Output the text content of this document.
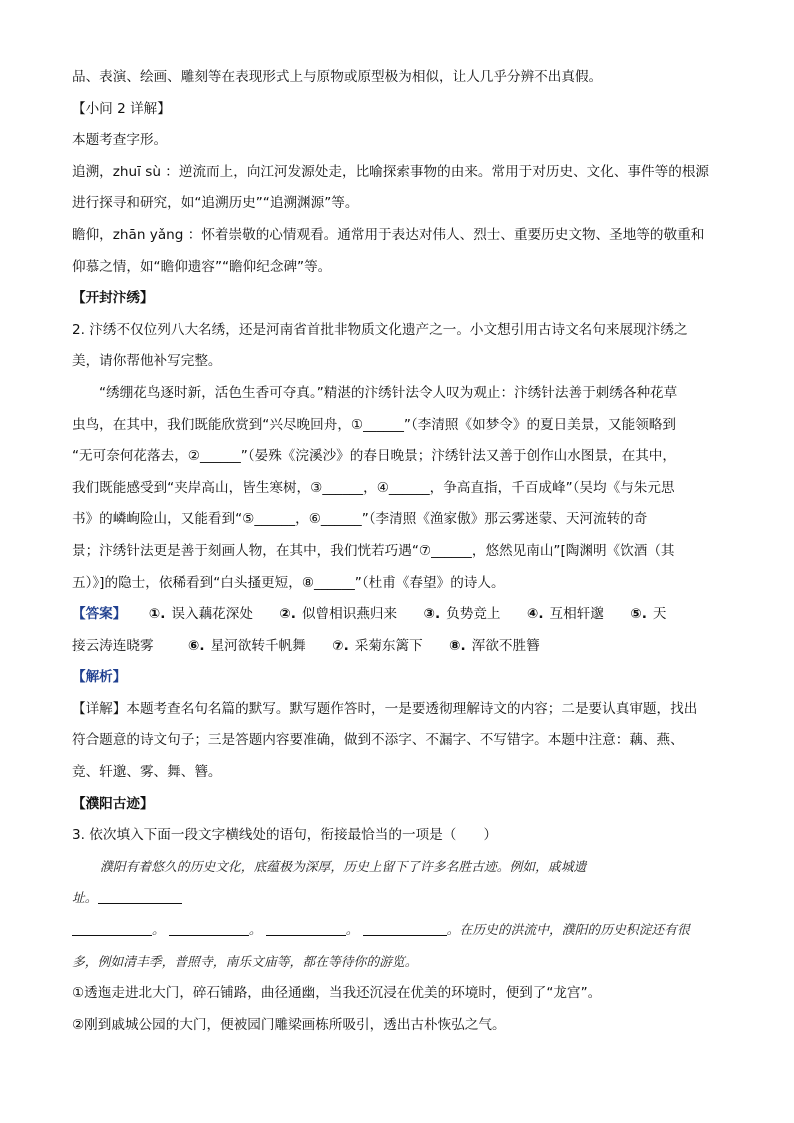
品、表演、绘画、雕刻等在表现形式上与原物或原型极为相似，让人几乎分辨不出真假。
【小问 2 详解】
本题考查字形。
追溯，zhuī sù ：逆流而上，向江河发源处走，比喻探索事物的由来。常用于对历史、文化、事件等的根源
进行探寻和研究，如“追溯历史”“追溯渊源”等。
瞻仰，zhān yǎng ：怀着崇敬的心情观看。通常用于表达对伟人、烈士、重要历史文物、圣地等的敬重和
仰慕之情，如“瞻仰遗容”“瞻仰纪念碑”等。
【开封汴绣】
2. 汴绣不仅位列八大名绣，还是河南省首批非物质文化遗产之一。小文想引用古诗文名句来展现汴绣之
美，请你帮他补写完整。
“绣绷花鸟逐时新，活色生香可夺真。”精湛的汴绣针法令人叹为观止：汴绣针法善于刺绣各种花草
虫鸟，在其中，我们既能欣赏到“兴尽晚回舟，①______”（李清照《如梦令》的夏日美景，又能领略到
“无可奈何花落去，②______”（晏殊《浣溪沙》的春日晚景；汴绣针法又善于创作山水图景，在其中，
我们既能感受到“夹岸高山，皆生寒树，③______，④______，争高直指，千百成峰”（吴均《与朱元思
书》的嶙峋险山，又能看到“⑤______，⑥______”（李清照《渔家傲》那云雾迷蒙、天河流转的奇
景；汴绣针法更是善于刻画人物，在其中，我们恍若巧遇“⑦______，悠然见南山”[陶渊明《饮酒（其
五）》]的隐士，依稀看到“白头搔更短，⑧______”（杜甫《春望》的诗人。
【答案】 ①. 误入藕花深处 ②. 似曾相识燕归来 ③. 负势竞上 ④. 互相轩邈 ⑤. 天
接云涛连晓雾	⑥. 星河欲转千帆舞 ⑦. 采菊东篱下 ⑧. 浑欲不胜簪
【解析】
【详解】本题考查名句名篇的默写。默写题作答时，一是要透彻理解诗文的内容；二是要认真审题，找出
符合题意的诗文句子；三是答题内容要准确，做到不添字、不漏字、不写错字。本题中注意：藕、燕、
竞、轩邈、雾、舞、簪。
【濮阳古迹】
3. 依次填入下面一段文字横线处的语句，衔接最恰当的一项是（　　）
濮阳有着悠久的历史文化，底蕴极为深厚，历史上留下了许多名胜古迹。例如，戚城遗
址。
。	。	。	。在历史的洪流中，濮阳的历史积淀还有很
多，例如清丰季，普照寺，南乐文庙等，都在等待你的游览。
①透迤走进北大门，碎石铺路，曲径通幽，当我还沉浸在优美的环境时，便到了“龙宫”。
②刚到戚城公园的大门，便被园门雕梁画栋所吸引，透出古朴恢弘之气。
